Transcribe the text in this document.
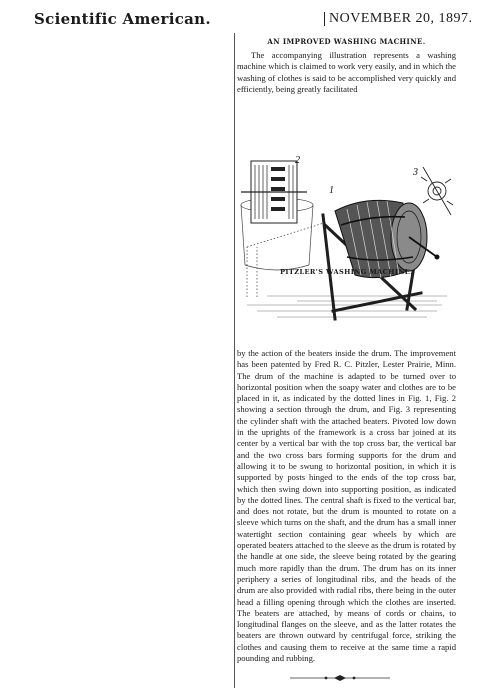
Scientific American.	NOVEMBER 20, 1897.
AN IMPROVED WASHING MACHINE.

The accompanying illustration represents a washing machine which is claimed to work very easily, and in which the washing of clothes is said to be accomplished very quickly and efficiently, being greatly facilitated

1
2
3
PITZLER'S WASHING MACHINE.

by the action of the beaters inside the drum. The improvement has been patented by Fred R. C. Pitzler, Lester Prairie, Minn. The drum of the machine is adapted to be turned over to horizontal position when the soapy water and clothes are to be placed in it, as indicated by the dotted lines in Fig. 1, Fig. 2 showing a section through the drum, and Fig. 3 representing the cylinder shaft with the attached beaters. Pivoted low down in the uprights of the framework is a cross bar joined at its center by a vertical bar with the top cross bar, the vertical bar and the two cross bars forming supports for the drum and allowing it to be swung to horizontal position, in which it is supported by posts hinged to the ends of the top cross bar, which then swing down into supporting position, as indicated by the dotted lines. The central shaft is fixed to the vertical bar, and does not rotate, but the drum is mounted to rotate on a sleeve which turns on the shaft, and the drum has a small inner watertight section containing gear wheels by which are operated beaters attached to the sleeve as the drum is rotated by the handle at one side, the sleeve being rotated by the gearing much more rapidly than the drum. The drum has on its inner periphery a series of longitudinal ribs, and the heads of the drum are also provided with radial ribs, there being in the outer head a filling opening through which the clothes are inserted. The beaters are attached, by means of cords or chains, to longitudinal flanges on the sleeve, and as the latter rotates the beaters are thrown outward by centrifugal force, striking the clothes and causing them to receive at the same time a rapid pounding and rubbing.
